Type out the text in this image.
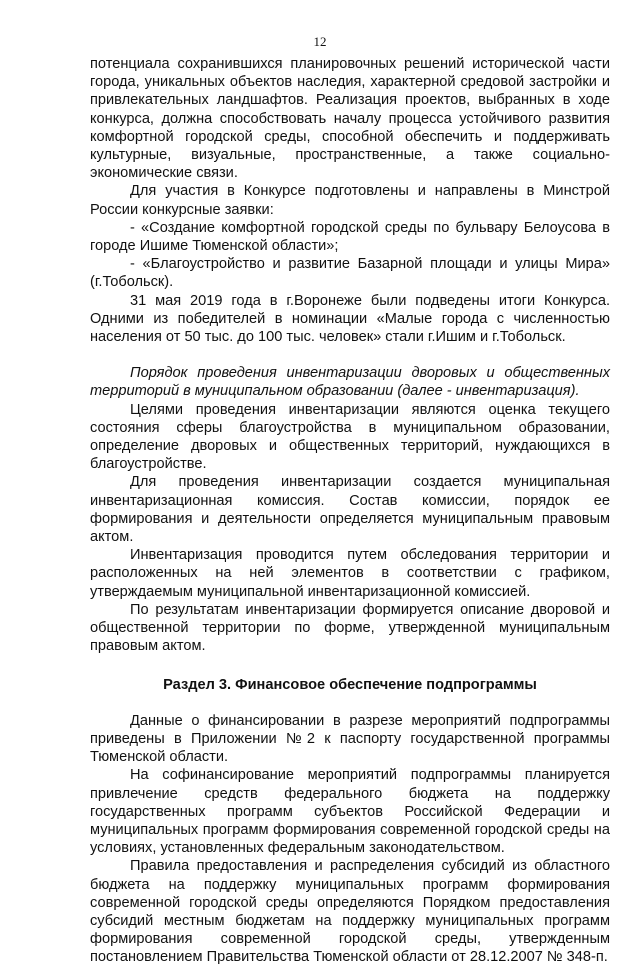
12

потенциала сохранившихся планировочных решений исторической части города, уникальных объектов наследия, характерной средовой застройки и привлекательных ландшафтов. Реализация проектов, выбранных в ходе конкурса, должна способствовать началу процесса устойчивого развития комфортной городской среды, способной обеспечить и поддерживать культурные, визуальные, пространственные, а также социально-экономические связи.

Для участия в Конкурсе подготовлены и направлены в Минстрой России конкурсные заявки:

- «Создание комфортной городской среды по бульвару Белоусова в городе Ишиме Тюменской области»;

- «Благоустройство и развитие Базарной площади и улицы Мира» (г.Тобольск).

31 мая 2019 года в г.Воронеже были подведены итоги Конкурса. Одними из победителей в номинации «Малые города с численностью населения от 50 тыс. до 100 тыс. человек» стали г.Ишим и г.Тобольск.

Порядок проведения инвентаризации дворовых и общественных территорий в муниципальном образовании (далее - инвентаризация).

Целями проведения инвентаризации являются оценка текущего состояния сферы благоустройства в муниципальном образовании, определение дворовых и общественных территорий, нуждающихся в благоустройстве.

Для проведения инвентаризации создается муниципальная инвентаризационная комиссия. Состав комиссии, порядок ее формирования и деятельности определяется муниципальным правовым актом.

Инвентаризация проводится путем обследования территории и расположенных на ней элементов в соответствии с графиком, утверждаемым муниципальной инвентаризационной комиссией.

По результатам инвентаризации формируется описание дворовой и общественной территории по форме, утвержденной муниципальным правовым актом.

Раздел 3. Финансовое обеспечение подпрограммы

Данные о финансировании в разрезе мероприятий подпрограммы приведены в Приложении №2 к паспорту государственной программы Тюменской области.

На софинансирование мероприятий подпрограммы планируется привлечение средств федерального бюджета на поддержку государственных программ субъектов Российской Федерации и муниципальных программ формирования современной городской среды на условиях, установленных федеральным законодательством.

Правила предоставления и распределения субсидий из областного бюджета на поддержку муниципальных программ формирования современной городской среды определяются Порядком предоставления субсидий местным бюджетам на поддержку муниципальных программ формирования современной городской среды, утвержденным постановлением Правительства Тюменской области от 28.12.2007 № 348-п.
